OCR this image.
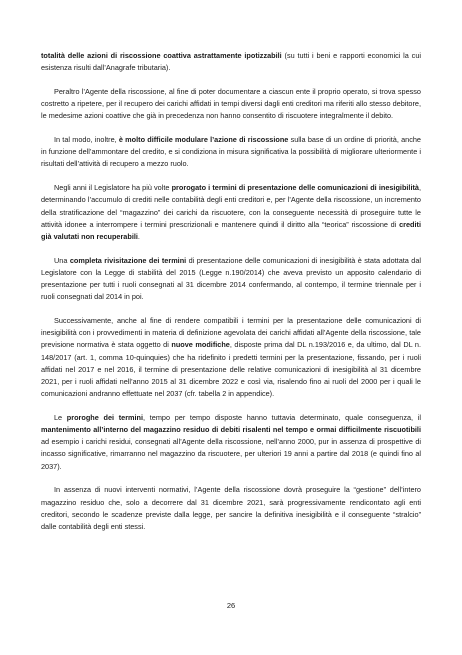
totalità delle azioni di riscossione coattiva astrattamente ipotizzabili (su tutti i beni e rapporti economici la cui esistenza risulti dall’Anagrafe tributaria).

Peraltro l’Agente della riscossione, al fine di poter documentare a ciascun ente il proprio operato, si trova spesso costretto a ripetere, per il recupero dei carichi affidati in tempi diversi dagli enti creditori ma riferiti allo stesso debitore, le medesime azioni coattive che già in precedenza non hanno consentito di riscuotere integralmente il debito.

In tal modo, inoltre, è molto difficile modulare l’azione di riscossione sulla base di un ordine di priorità, anche in funzione dell’ammontare del credito, e si condiziona in misura significativa la possibilità di migliorare ulteriormente i risultati dell’attività di recupero a mezzo ruolo.

Negli anni il Legislatore ha più volte prorogato i termini di presentazione delle comunicazioni di inesigibilità, determinando l’accumulo di crediti nelle contabilità degli enti creditori e, per l’Agente della riscossione, un incremento della stratificazione del “magazzino” dei carichi da riscuotere, con la conseguente necessità di proseguire tutte le attività idonee a interrompere i termini prescrizionali e mantenere quindi il diritto alla “teorica” riscossione di crediti già valutati non recuperabili.

Una completa rivisitazione dei termini di presentazione delle comunicazioni di inesigibilità è stata adottata dal Legislatore con la Legge di stabilità del 2015 (Legge n.190/2014) che aveva previsto un apposito calendario di presentazione per tutti i ruoli consegnati al 31 dicembre 2014 confermando, al contempo, il termine triennale per i ruoli consegnati dal 2014 in poi.

Successivamente, anche al fine di rendere compatibili i termini per la presentazione delle comunicazioni di inesigibilità con i provvedimenti in materia di definizione agevolata dei carichi affidati all’Agente della riscossione, tale previsione normativa è stata oggetto di nuove modifiche, disposte prima dal DL n.193/2016 e, da ultimo, dal DL n. 148/2017 (art. 1, comma 10-quinquies) che ha ridefinito i predetti termini per la presentazione, fissando, per i ruoli affidati nel 2017 e nel 2016, il termine di presentazione delle relative comunicazioni di inesigibilità al 31 dicembre 2021, per i ruoli affidati nell’anno 2015 al 31 dicembre 2022 e così via, risalendo fino ai ruoli del 2000 per i quali le comunicazioni andranno effettuate nel 2037 (cfr. tabella 2 in appendice).

Le proroghe dei termini, tempo per tempo disposte hanno tuttavia determinato, quale conseguenza, il mantenimento all’interno del magazzino residuo di debiti risalenti nel tempo e ormai difficilmente riscuotibili ad esempio i carichi residui, consegnati all’Agente della riscossione, nell’anno 2000, pur in assenza di prospettive di incasso significative, rimarranno nel magazzino da riscuotere, per ulteriori 19 anni a partire dal 2018 (e quindi fino al 2037).

In assenza di nuovi interventi normativi, l’Agente della riscossione dovrà proseguire la “gestione” dell’intero magazzino residuo che, solo a decorrere dal 31 dicembre 2021, sarà progressivamente rendicontato agli enti creditori, secondo le scadenze previste dalla legge, per sancire la definitiva inesigibilità e il conseguente “stralcio” dalle contabilità degli enti stessi.

26
